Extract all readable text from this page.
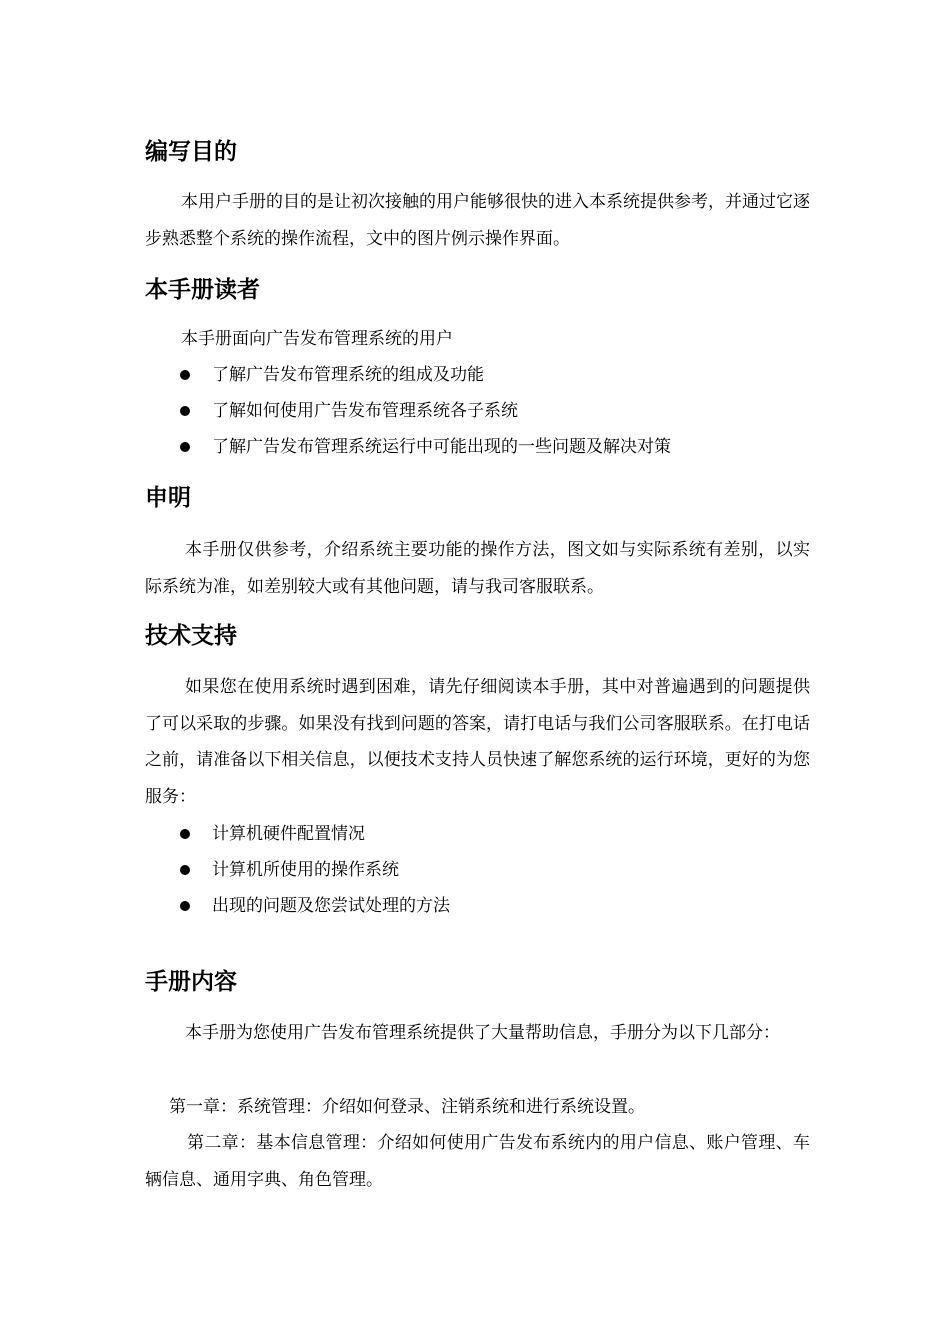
编写目的
本用户手册的目的是让初次接触的用户能够很快的进入本系统提供参考，并通过它逐步熟悉整个系统的操作流程，文中的图片例示操作界面。
本手册读者
本手册面向广告发布管理系统的用户
了解广告发布管理系统的组成及功能
了解如何使用广告发布管理系统各子系统
了解广告发布管理系统运行中可能出现的一些问题及解决对策
申明
本手册仅供参考，介绍系统主要功能的操作方法，图文如与实际系统有差别，以实际系统为准，如差别较大或有其他问题，请与我司客服联系。
技术支持
如果您在使用系统时遇到困难，请先仔细阅读本手册，其中对普遍遇到的问题提供了可以采取的步骤。如果没有找到问题的答案，请打电话与我们公司客服联系。在打电话之前，请准备以下相关信息，以便技术支持人员快速了解您系统的运行环境，更好的为您服务：
计算机硬件配置情况
计算机所使用的操作系统
出现的问题及您尝试处理的方法
手册内容
本手册为您使用广告发布管理系统提供了大量帮助信息，手册分为以下几部分：
第一章：系统管理：介绍如何登录、注销系统和进行系统设置。
第二章：基本信息管理：介绍如何使用广告发布系统内的用户信息、账户管理、车辆信息、通用字典、角色管理。
